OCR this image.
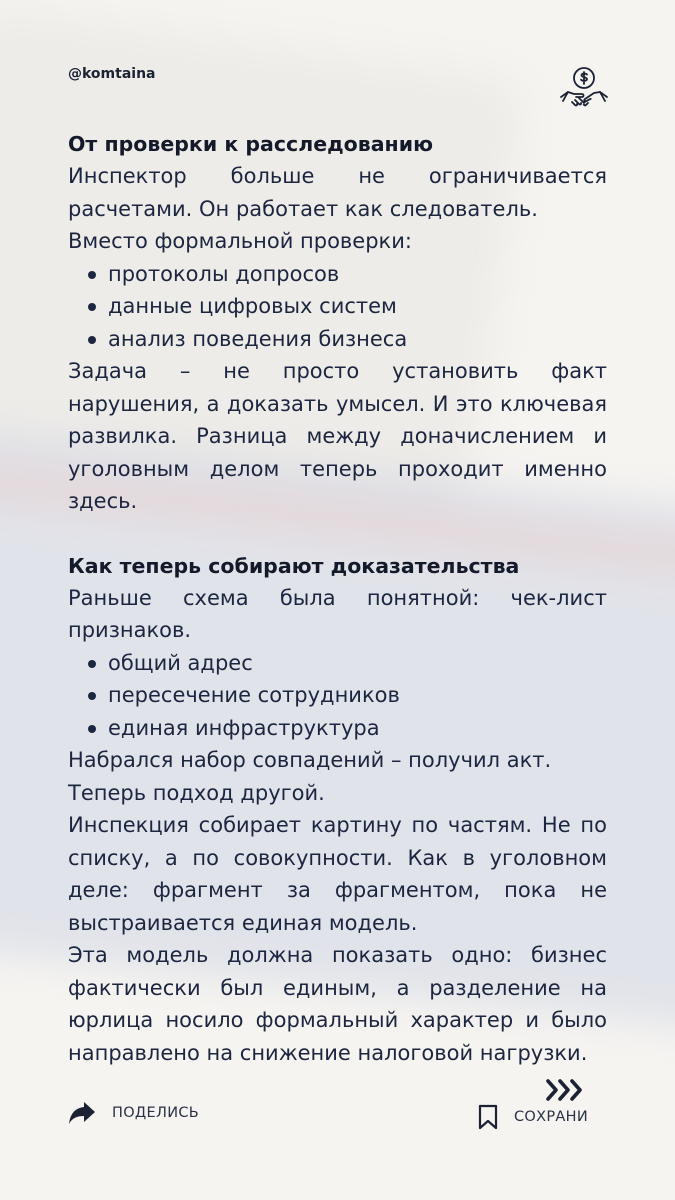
@komtaina
От проверки к расследованию

Инспектор больше не ограничивается расчетами. Он работает как следователь.

Вместо формальной проверки:

протоколы допросов
данные цифровых систем
анализ поведения бизнеса

Задача – не просто установить факт нарушения, а доказать умысел. И это ключевая развилка. Разница между доначислением и уголовным делом теперь проходит именно здесь.

Как теперь собирают доказательства

Раньше схема была понятной: чек-лист признаков.

общий адрес
пересечение сотрудников
единая инфраструктура

Набрался набор совпадений – получил акт.

Теперь подход другой.

Инспекция собирает картину по частям. Не по списку, а по совокупности. Как в уголовном деле: фрагмент за фрагментом, пока не выстраивается единая модель.

Эта модель должна показать одно: бизнес фактически был единым, а разделение на юрлица носило формальный характер и было направлено на снижение налоговой нагрузки.

ПОДЕЛИСЬ	СОХРАНИ
